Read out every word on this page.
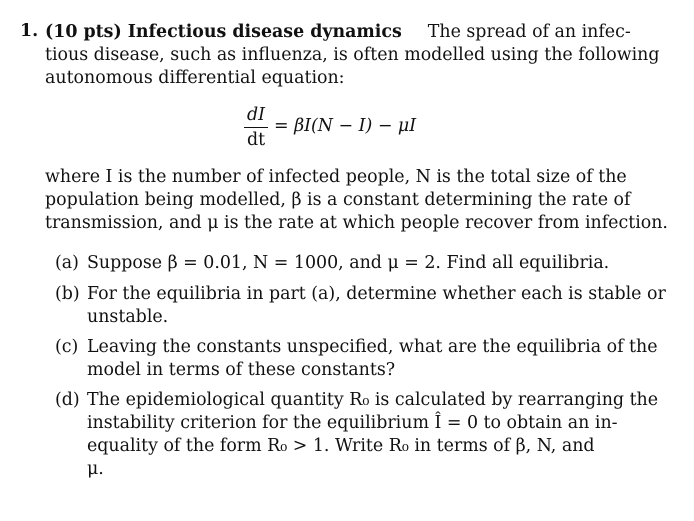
1. (10 pts) Infectious disease dynamics The spread of an infec-
tious disease, such as influenza, is often modelled using the following
autonomous differential equation:
dI
dt
= βI(N − I) − μI
where I is the number of infected people, N is the total size of the
population being modelled, β is a constant determining the rate of
transmission, and μ is the rate at which people recover from infection.
(a) Suppose β = 0.01, N = 1000, and μ = 2. Find all equilibria.
(b) For the equilibria in part (a), determine whether each is stable or
unstable.
(c) Leaving the constants unspecified, what are the equilibria of the
model in terms of these constants?
(d) The epidemiological quantity R₀ is calculated by rearranging the
instability criterion for the equilibrium Î = 0 to obtain an in-
equality of the form R₀ > 1. Write R₀ in terms of β, N, and
μ.
